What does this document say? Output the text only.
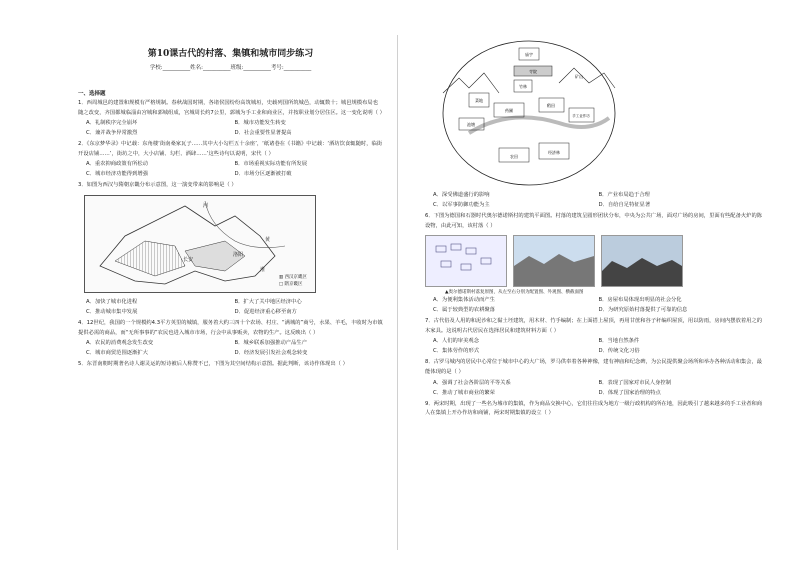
第10课古代的村落、集镇和城市同步练习
学校:__________姓名:__________班级:__________考号:__________
一、选择题
1．西周城邑的建置和规模有严格规制。春秋战国时期，各诸侯国纷纷高筑城垣，史载列国所筑城邑，动辄数十；城邑规模布局也随之改变，齐国都城临淄由宫城和郭城组成，宫城周长约7公里，郭城为手工业和商业区，并按职业划分居住区。这一变化说明（ ）
A．礼制秩序完全崩坏	B．城市功能发生转变
C．兼并战争异常激烈	D．社会重要性显著提高
2．《东京梦华录》中记载：东角楼‘街南桑家瓦子……其中大小勾栏五十余座’，‘纸诸巷在《书籍》中记载：‘酒坊饮食辄随时，临街开设店铺……’，街坊之中，大小店铺、勾栏、酒肆……’这些诗句以说明，宋代（ ）
A．重农抑商政策有所松动	B．市场重视实际功能有所发展
C．城市经济功能得到增强	D．市场分区逐渐被打破
3．如图为西汉与隋朝京畿分布示意图，这一演变带来的影响是（ ）
长安
洛阳
河
淮
黄
▥ 西汉京畿区
□ 隋京畿区
A．加快了城市化进程	B．扩大了关中地区经济中心
C．推动城市集中发展	D．促进经济重心移至南方
4．12世纪，我国的一个规模约4.3平方英里的城镇，服务着大约三四十个农场、村庄、“满城的”商号，水果、羊毛，丰收时为市镇提供必需的商品，而“无所事事的”农民也进入城市市场，行会中从事贩卖，农物的生产。这反映出（ ）
A．农民的消费观念发生改变	B．城乡联系加强推动产品生产
C．城市商贸范围逐渐扩大	D．经济发展引发社会观念转变
5．东晋南朝时期著名诗人谢灵运的短诗被后人称赞不已，下图为其空间结构示意图。据此判断，该诗作体现出（ ）
庙宇
寺院
竹林
矿山
菜地
药圃
手工业作坊
经济林
池塘
稻田
农田
A．深受佛道盛行的影响	B．产业布局趋于合理
C．以军事防御功能为主	D．自给自足特征显著
6．下图为德国和石器时代奥尔德诺斯村的建筑平面图。村落的建筑呈圆形团状分布，中央为公共广场，面对广场的房间，里面有些配备火炉的陈设物，由此可知，该村落（ ）
▲奥尔德诺斯村落复原图，从左至右分别为配置图、外观图、横截面图
A．为便利集体活动而产生	B．房屋布局体现出明显的社会分化
C．属于较典型的农耕聚落	D．为研究原始村落提供了可靠的信息
7．古代俗及人用的和泥沙和之黏土坯建筑，用木材、竹手编制；在上面搭上屋顶，再用甘蔗和谷子秆编织屋顶，用以防雨，房间内摆放着用之的木家具。这说明古代居民在选择居民和建筑材料方面（ ）
A．人们的审美观念	B．当地自然条件
C．集体劳作的形式	D．传统文化习俗
8．古罗马城内的居民中心常位于城市中心的大广场，罗马供奉着各种神像，建有神庙和纪念碑，为公民提供聚会场所和举办各种活动和集会，最能体现的是（ ）
A．强调了社会各阶层的平等关系	B．表现了国家对市民人身控制
C．推动了城市商业的繁荣	D．体现了国家治理的特点
9．两宋时期，出现了一些名为墟市的集镇，作为商品交换中心，它们往往成为地方一级行政机构的所在地，因此吸引了越来越多的手工业者和商人在集镇上开办作坊和商铺，两宋时期集镇的设立（ ）
